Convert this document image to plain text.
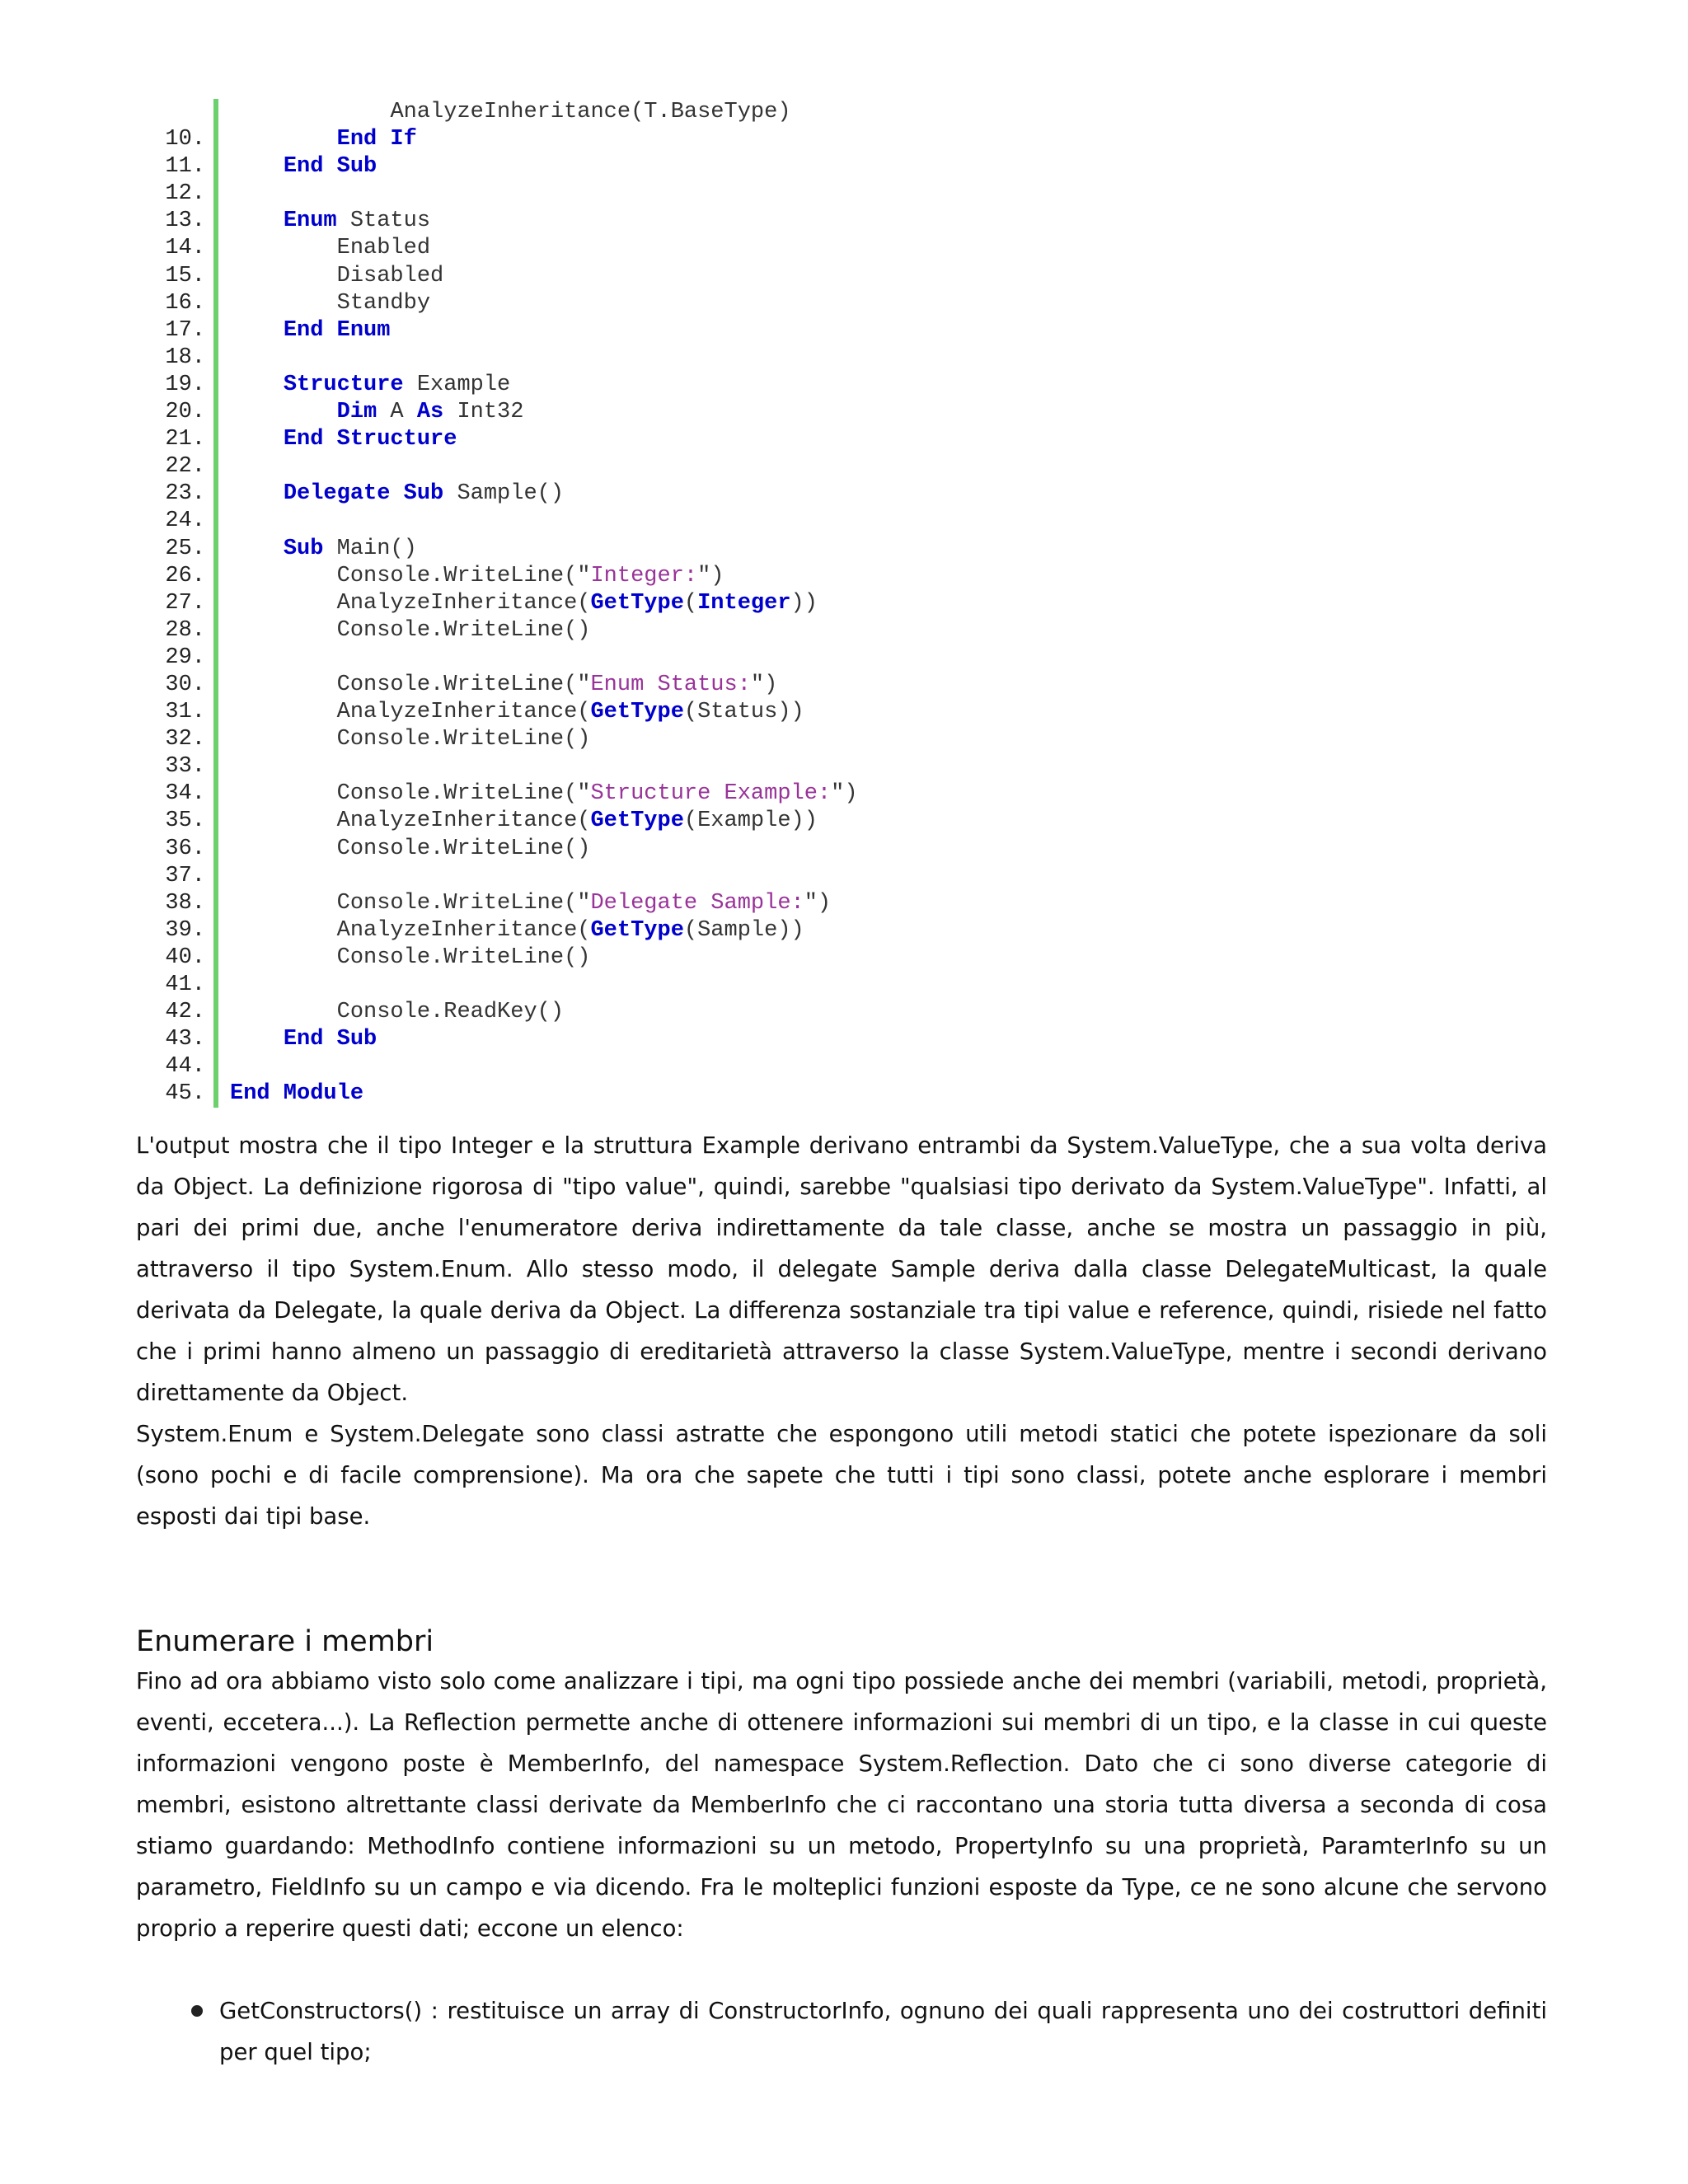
AnalyzeInheritance(T.BaseType)
10.	End If
11.	End Sub
12.
13.	Enum Status
14.	Enabled
15.	Disabled
16.	Standby
17.	End Enum
18.
19.	Structure Example
20.	Dim A As Int32
21.	End Structure
22.
23.	Delegate Sub Sample()
24.
25.	Sub Main()
26.	Console.WriteLine("Integer:")
27.	AnalyzeInheritance(GetType(Integer))
28.	Console.WriteLine()
29.
30.	Console.WriteLine("Enum Status:")
31.	AnalyzeInheritance(GetType(Status))
32.	Console.WriteLine()
33.
34.	Console.WriteLine("Structure Example:")
35.	AnalyzeInheritance(GetType(Example))
36.	Console.WriteLine()
37.
38.	Console.WriteLine("Delegate Sample:")
39.	AnalyzeInheritance(GetType(Sample))
40.	Console.WriteLine()
41.
42.	Console.ReadKey()
43.	End Sub
44.
45.	End Module

L'output mostra che il tipo Integer e la struttura Example derivano entrambi da System.ValueType, che a sua volta deriva da Object. La definizione rigorosa di "tipo value", quindi, sarebbe "qualsiasi tipo derivato da System.ValueType". Infatti, al pari dei primi due, anche l'enumeratore deriva indirettamente da tale classe, anche se mostra un passaggio in più, attraverso il tipo System.Enum. Allo stesso modo, il delegate Sample deriva dalla classe DelegateMulticast, la quale derivata da Delegate, la quale deriva da Object. La differenza sostanziale tra tipi value e reference, quindi, risiede nel fatto che i primi hanno almeno un passaggio di ereditarietà attraverso la classe System.ValueType, mentre i secondi derivano direttamente da Object.

System.Enum e System.Delegate sono classi astratte che espongono utili metodi statici che potete ispezionare da soli (sono pochi e di facile comprensione). Ma ora che sapete che tutti i tipi sono classi, potete anche esplorare i membri esposti dai tipi base.

Enumerare i membri

Fino ad ora abbiamo visto solo come analizzare i tipi, ma ogni tipo possiede anche dei membri (variabili, metodi, proprietà, eventi, eccetera...). La Reflection permette anche di ottenere informazioni sui membri di un tipo, e la classe in cui queste informazioni vengono poste è MemberInfo, del namespace System.Reflection. Dato che ci sono diverse categorie di membri, esistono altrettante classi derivate da MemberInfo che ci raccontano una storia tutta diversa a seconda di cosa stiamo guardando: MethodInfo contiene informazioni su un metodo, PropertyInfo su una proprietà, ParamterInfo su un parametro, FieldInfo su un campo e via dicendo. Fra le molteplici funzioni esposte da Type, ce ne sono alcune che servono proprio a reperire questi dati; eccone un elenco:

GetConstructors() : restituisce un array di ConstructorInfo, ognuno dei quali rappresenta uno dei costruttori definiti per quel tipo;
